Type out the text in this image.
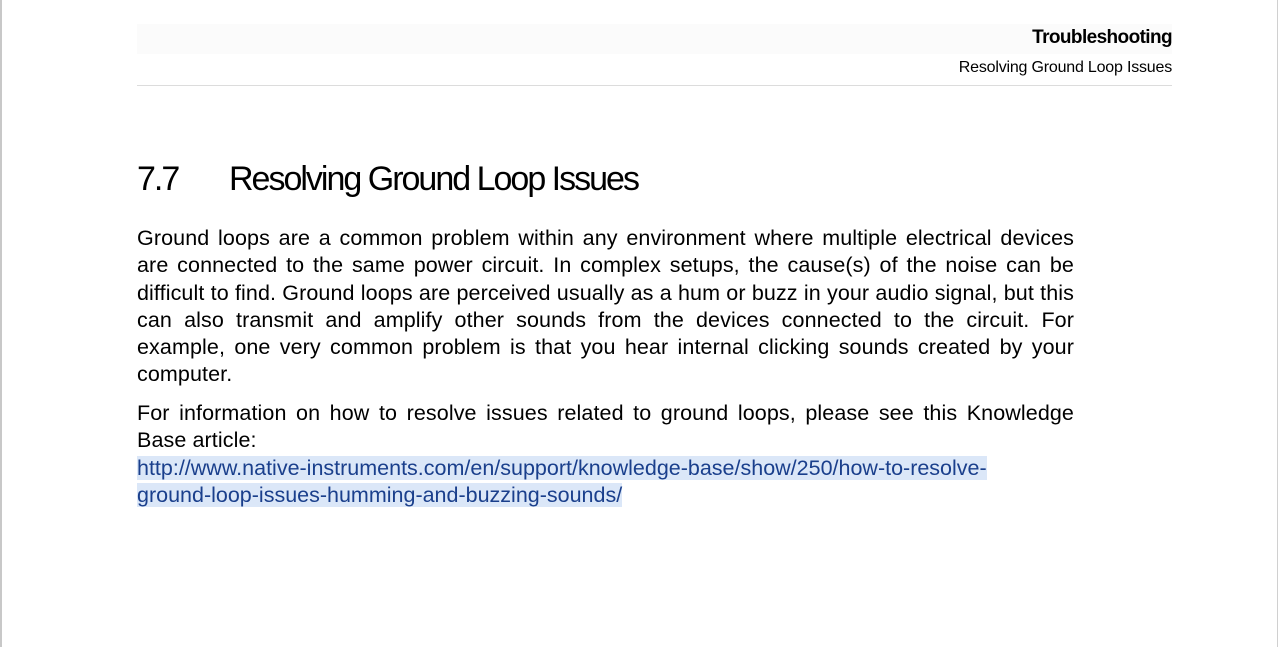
Troubleshooting
Resolving Ground Loop Issues
7.7 Resolving Ground Loop Issues

Ground loops are a common problem within any environment where multiple electrical devices are connected to the same power circuit. In complex setups, the cause(s) of the noise can be difficult to find. Ground loops are perceived usually as a hum or buzz in your audio signal, but this can also transmit and amplify other sounds from the devices connected to the circuit. For example, one very common problem is that you hear internal clicking sounds created by your computer.

For information on how to resolve issues related to ground loops, please see this Knowledge Base article:

http://www.native-instruments.com/en/support/knowledge-base/show/250/how-to-resolve-
ground-loop-issues-humming-and-buzzing-sounds/
